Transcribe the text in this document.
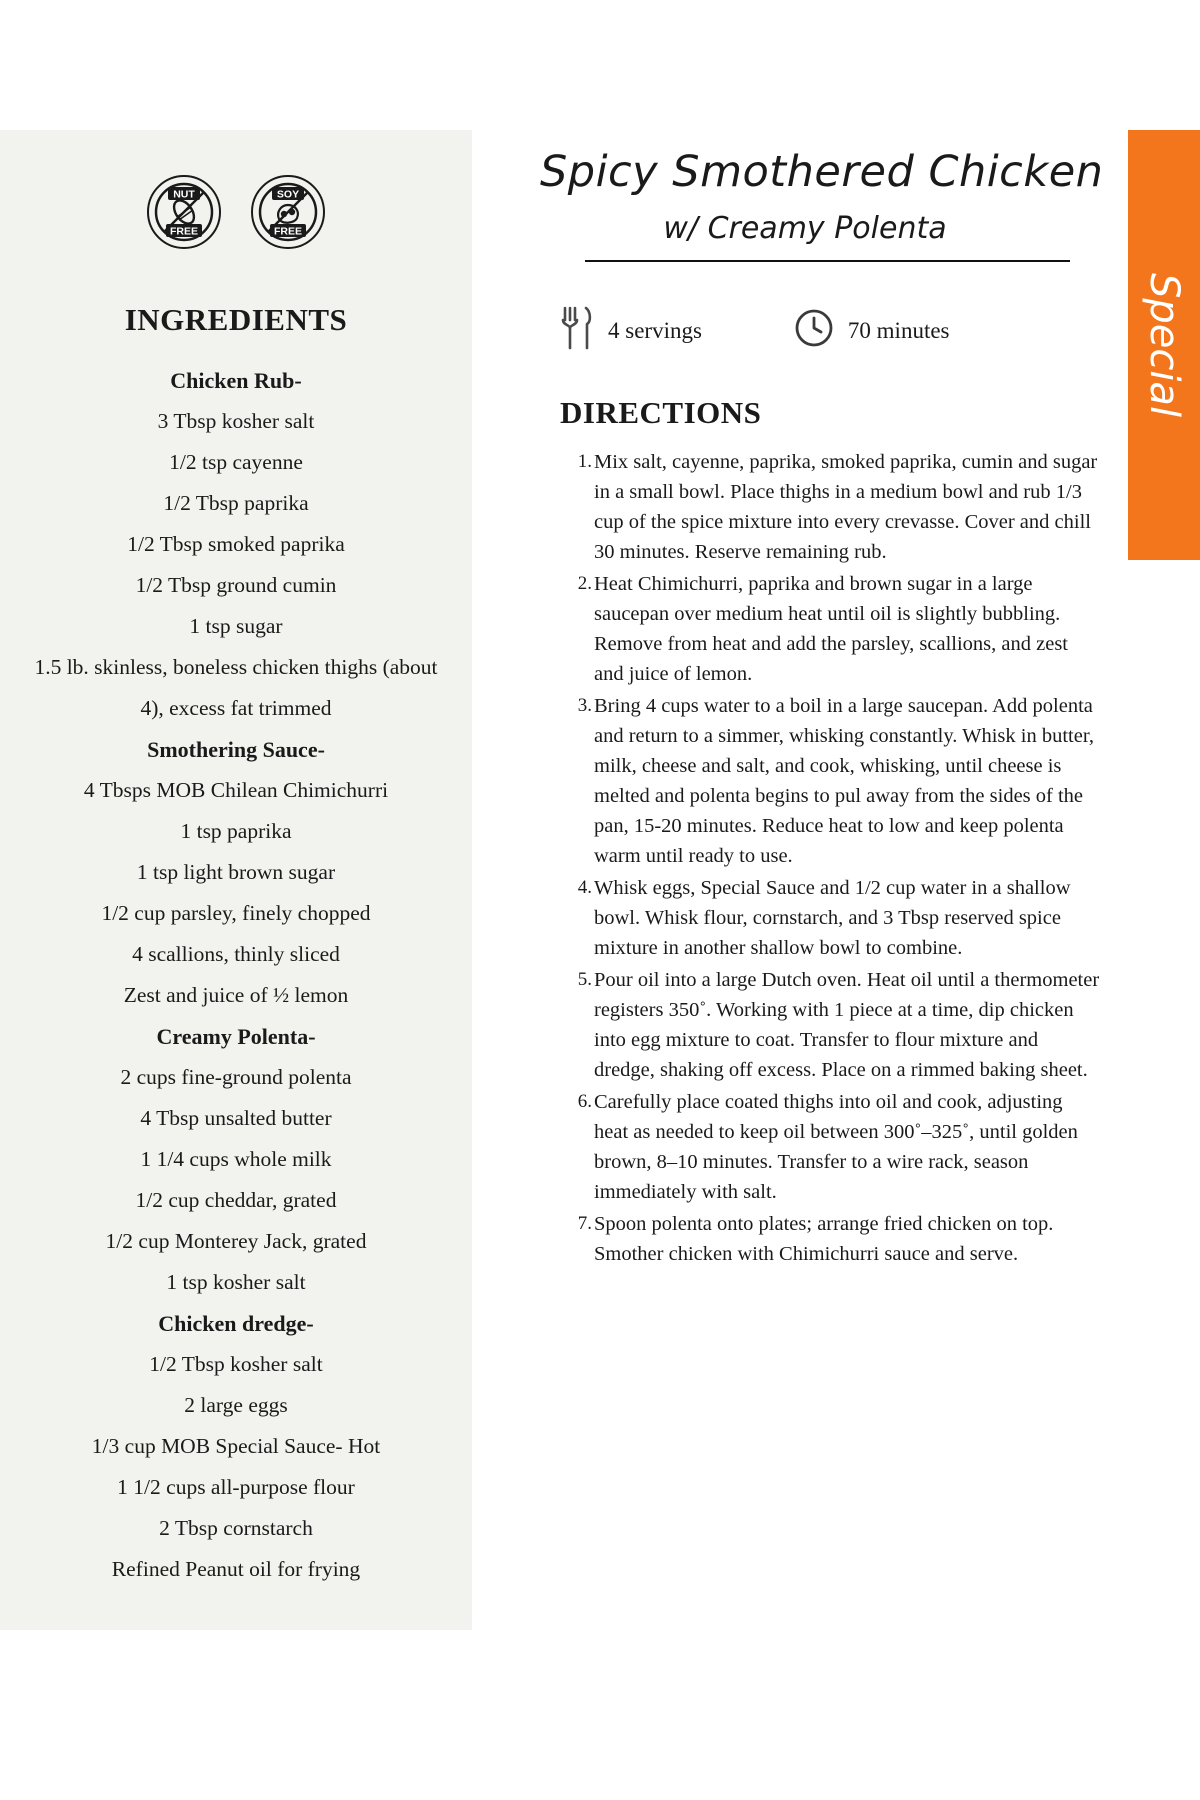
Special
NUT
FREE
SOY
FREE
INGREDIENTS
Chicken Rub-
3 Tbsp kosher salt
1/2 tsp cayenne
1/2 Tbsp paprika
1/2 Tbsp smoked paprika
1/2 Tbsp ground cumin
1 tsp sugar
1.5 lb. skinless, boneless chicken thighs (about 4), excess fat trimmed
Smothering Sauce-
4 Tbsps MOB Chilean Chimichurri
1 tsp paprika
1 tsp light brown sugar
1/2 cup parsley, finely chopped
4 scallions, thinly sliced
Zest and juice of ½ lemon
Creamy Polenta-
2 cups fine-ground polenta
4 Tbsp unsalted butter
1 1/4 cups whole milk
1/2 cup cheddar, grated
1/2 cup Monterey Jack, grated
1 tsp kosher salt
Chicken dredge-
1/2 Tbsp kosher salt
2 large eggs
1/3 cup MOB Special Sauce- Hot
1 1/2 cups all-purpose flour
2 Tbsp cornstarch
Refined Peanut oil for frying
Spicy Smothered Chicken
w/ Creamy Polenta
4 servings	70 minutes
DIRECTIONS
Mix salt, cayenne, paprika, smoked paprika, cumin and sugar in a small bowl. Place thighs in a medium bowl and rub 1/3 cup of the spice mixture into every crevasse. Cover and chill 30 minutes. Reserve remaining rub.
Heat Chimichurri, paprika and brown sugar in a large saucepan over medium heat until oil is slightly bubbling. Remove from heat and add the parsley, scallions, and zest and juice of lemon.
Bring 4 cups water to a boil in a large saucepan. Add polenta and return to a simmer, whisking constantly. Whisk in butter, milk, cheese and salt, and cook, whisking, until cheese is melted and polenta begins to pul away from the sides of the pan, 15-20 minutes. Reduce heat to low and keep polenta warm until ready to use.
Whisk eggs, Special Sauce and 1/2 cup water in a shallow bowl. Whisk flour, cornstarch, and 3 Tbsp reserved spice mixture in another shallow bowl to combine.
Pour oil into a large Dutch oven. Heat oil until a thermometer registers 350˚. Working with 1 piece at a time, dip chicken into egg mixture to coat. Transfer to flour mixture and dredge, shaking off excess. Place on a rimmed baking sheet.
Carefully place coated thighs into oil and cook, adjusting heat as needed to keep oil between 300˚–325˚, until golden brown, 8–10 minutes. Transfer to a wire rack, season immediately with salt.
Spoon polenta onto plates; arrange fried chicken on top. Smother chicken with Chimichurri sauce and serve.
